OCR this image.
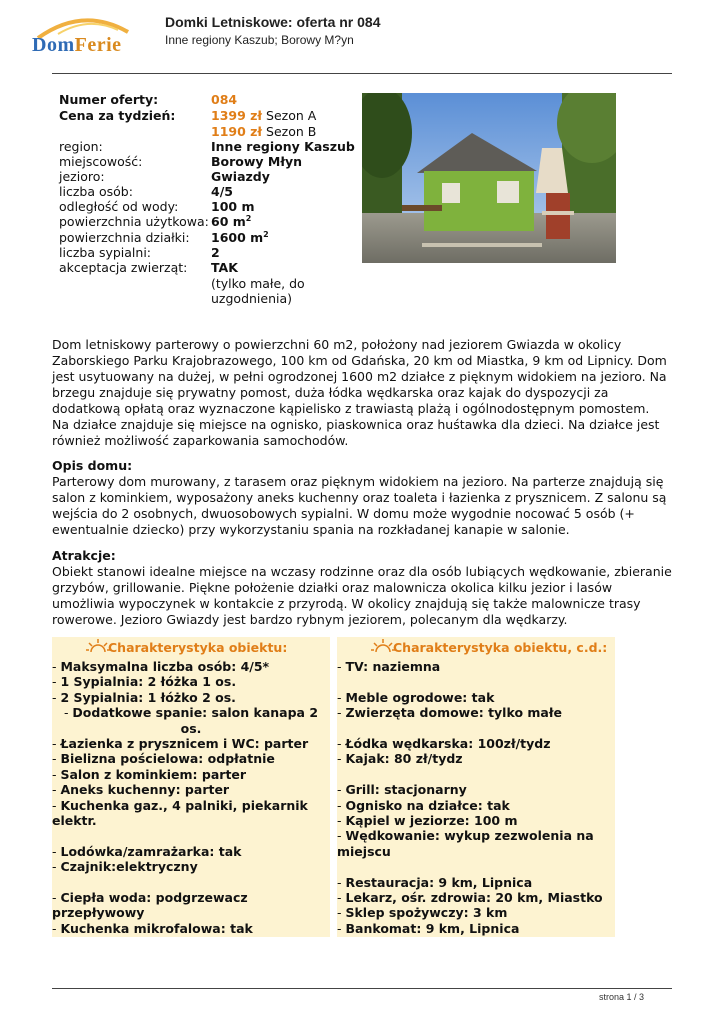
DomFerie
Domki Letniskowe: oferta nr 084
Inne regiony Kaszub; Borowy M?yn
Numer oferty:	084
Cena za tydzień:	1399 zł Sezon A
1190 zł Sezon B
region:	Inne regiony Kaszub
miejscowość:	Borowy Młyn
jezioro:	Gwiazdy
liczba osób:	4/5
odległość od wody:	100 m
powierzchnia użytkowa: 60 $m^2$
powierzchnia działki: 1600 $m^2$
liczba sypialni:	2
akceptacja zwierząt: TAK
(tylko małe, do
uzgodnienia)

Dom letniskowy parterowy o powierzchni 60 m2, położony nad jeziorem Gwiazda w okolicy Zaborskiego Parku Krajobrazowego, 100 km od Gdańska, 20 km od Miastka, 9 km od Lipnicy. Dom jest usytuowany na dużej, w pełni ogrodzonej 1600 m2 działce z pięknym widokiem na jezioro. Na brzegu znajduje się prywatny pomost, duża łódka wędkarska oraz kajak do dyspozycji za dodatkową opłatą oraz wyznaczone kąpielisko z trawiastą plażą i ogólnodostępnym pomostem.

Na działce znajduje się miejsce na ognisko, piaskownica oraz huśtawka dla dzieci. Na działce jest również możliwość zaparkowania samochodów.

Opis domu:

Parterowy dom murowany, z tarasem oraz pięknym widokiem na jezioro. Na parterze znajdują się salon z kominkiem, wyposażony aneks kuchenny oraz toaleta i łazienka z prysznicem. Z salonu są wejścia do 2 osobnych, dwuosobowych sypialni. W domu może wygodnie nocować 5 osób (+ ewentualnie dziecko) przy wykorzystaniu spania na rozkładanej kanapie w salonie.

Atrakcje:

Obiekt stanowi idealne miejsce na wczasy rodzinne oraz dla osób lubiących wędkowanie, zbieranie grzybów, grillowanie. Piękne położenie działki oraz malownicza okolica kilku jezior i lasów umożliwia wypoczynek w kontakcie z przyrodą. W okolicy znajdują się także malownicze trasy rowerowe. Jezioro Gwiazdy jest bardzo rybnym jeziorem, polecanym dla wędkarzy.

Charakterystyka obiektu:
- Maksymalna liczba osób: 4/5*
- 1 Sypialnia: 2 łóżka 1 os.
- 2 Sypialnia: 1 łóżko 2 os.
- Dodatkowe spanie: salon kanapa 2 os.
- Łazienka z prysznicem i WC: parter
- Bielizna pościelowa: odpłatnie
- Salon z kominkiem: parter
- Aneks kuchenny: parter
- Kuchenka gaz., 4 palniki, piekarnik elektr.
- Lodówka/zamrażarka: tak
- Czajnik:elektryczny
- Ciepła woda: podgrzewacz przepływowy
- Kuchenka mikrofalowa: tak
Charakterystyka obiektu, c.d.:
- TV: naziemna
- Meble ogrodowe: tak
- Zwierzęta domowe: tylko małe
- Łódka wędkarska: 100zł/tydz
- Kajak: 80 zł/tydz
- Grill: stacjonarny
- Ognisko na działce: tak
- Kąpiel w jeziorze: 100 m
- Wędkowanie: wykup zezwolenia na miejscu
- Restauracja: 9 km, Lipnica
- Lekarz, ośr. zdrowia: 20 km, Miastko
- Sklep spożywczy: 3 km
- Bankomat: 9 km, Lipnica
strona 1 / 3
